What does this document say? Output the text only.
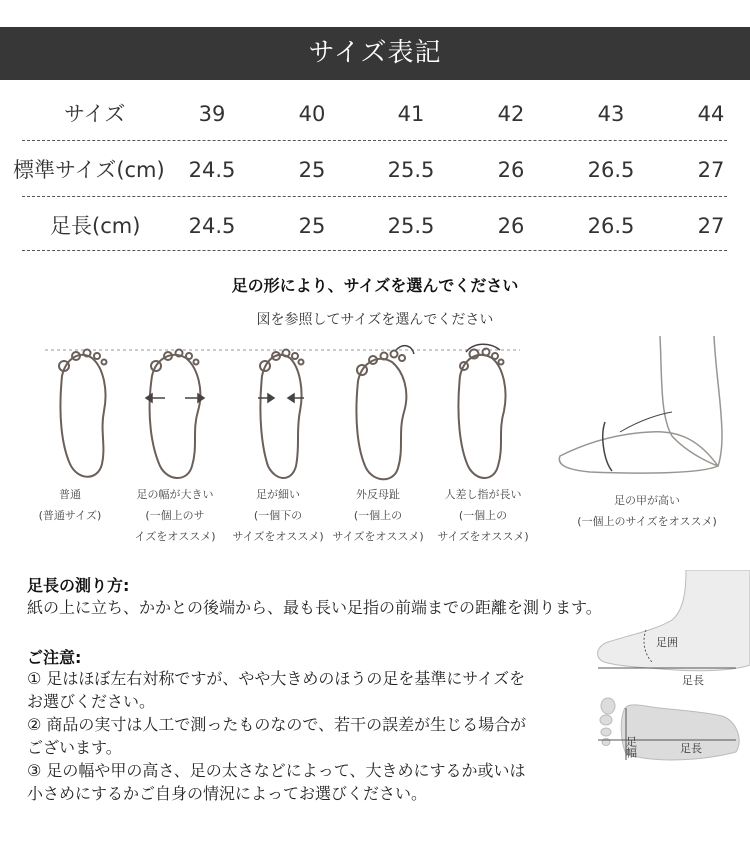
サイズ表記
サイズ	39	40	41	42	43	44
標準サイズ(cm)	24.5	25	25.5	26	26.5	27
足長(cm)	24.5	25	25.5	26	26.5	27
足の形により、サイズを選んでください
図を参照してサイズを選んでください
普通
(普通サイズ)
足の幅が大きい
(一個上のサ
イズをオススメ)
足が細い
(一個下の
サイズをオススメ)
外反母趾
(一個上の
サイズをオススメ)
人差し指が長い
(一個上の
サイズをオススメ)
足の甲が高い
(一個上のサイズをオススメ)
足長の測り方:
紙の上に立ち、かかとの後端から、最も長い足指の前端までの距離を測ります。
ご注意:
① 足はほぼ左右対称ですが、やや大きめのほうの足を基準にサイズを
お選びください。
② 商品の実寸は人工で測ったものなので、若干の誤差が生じる場合が
ございます。
③ 足の幅や甲の高さ、足の太さなどによって、大きめにするか或いは
小さめにするかご自身の情況によってお選びください。
足囲
足長
足幅	足長
